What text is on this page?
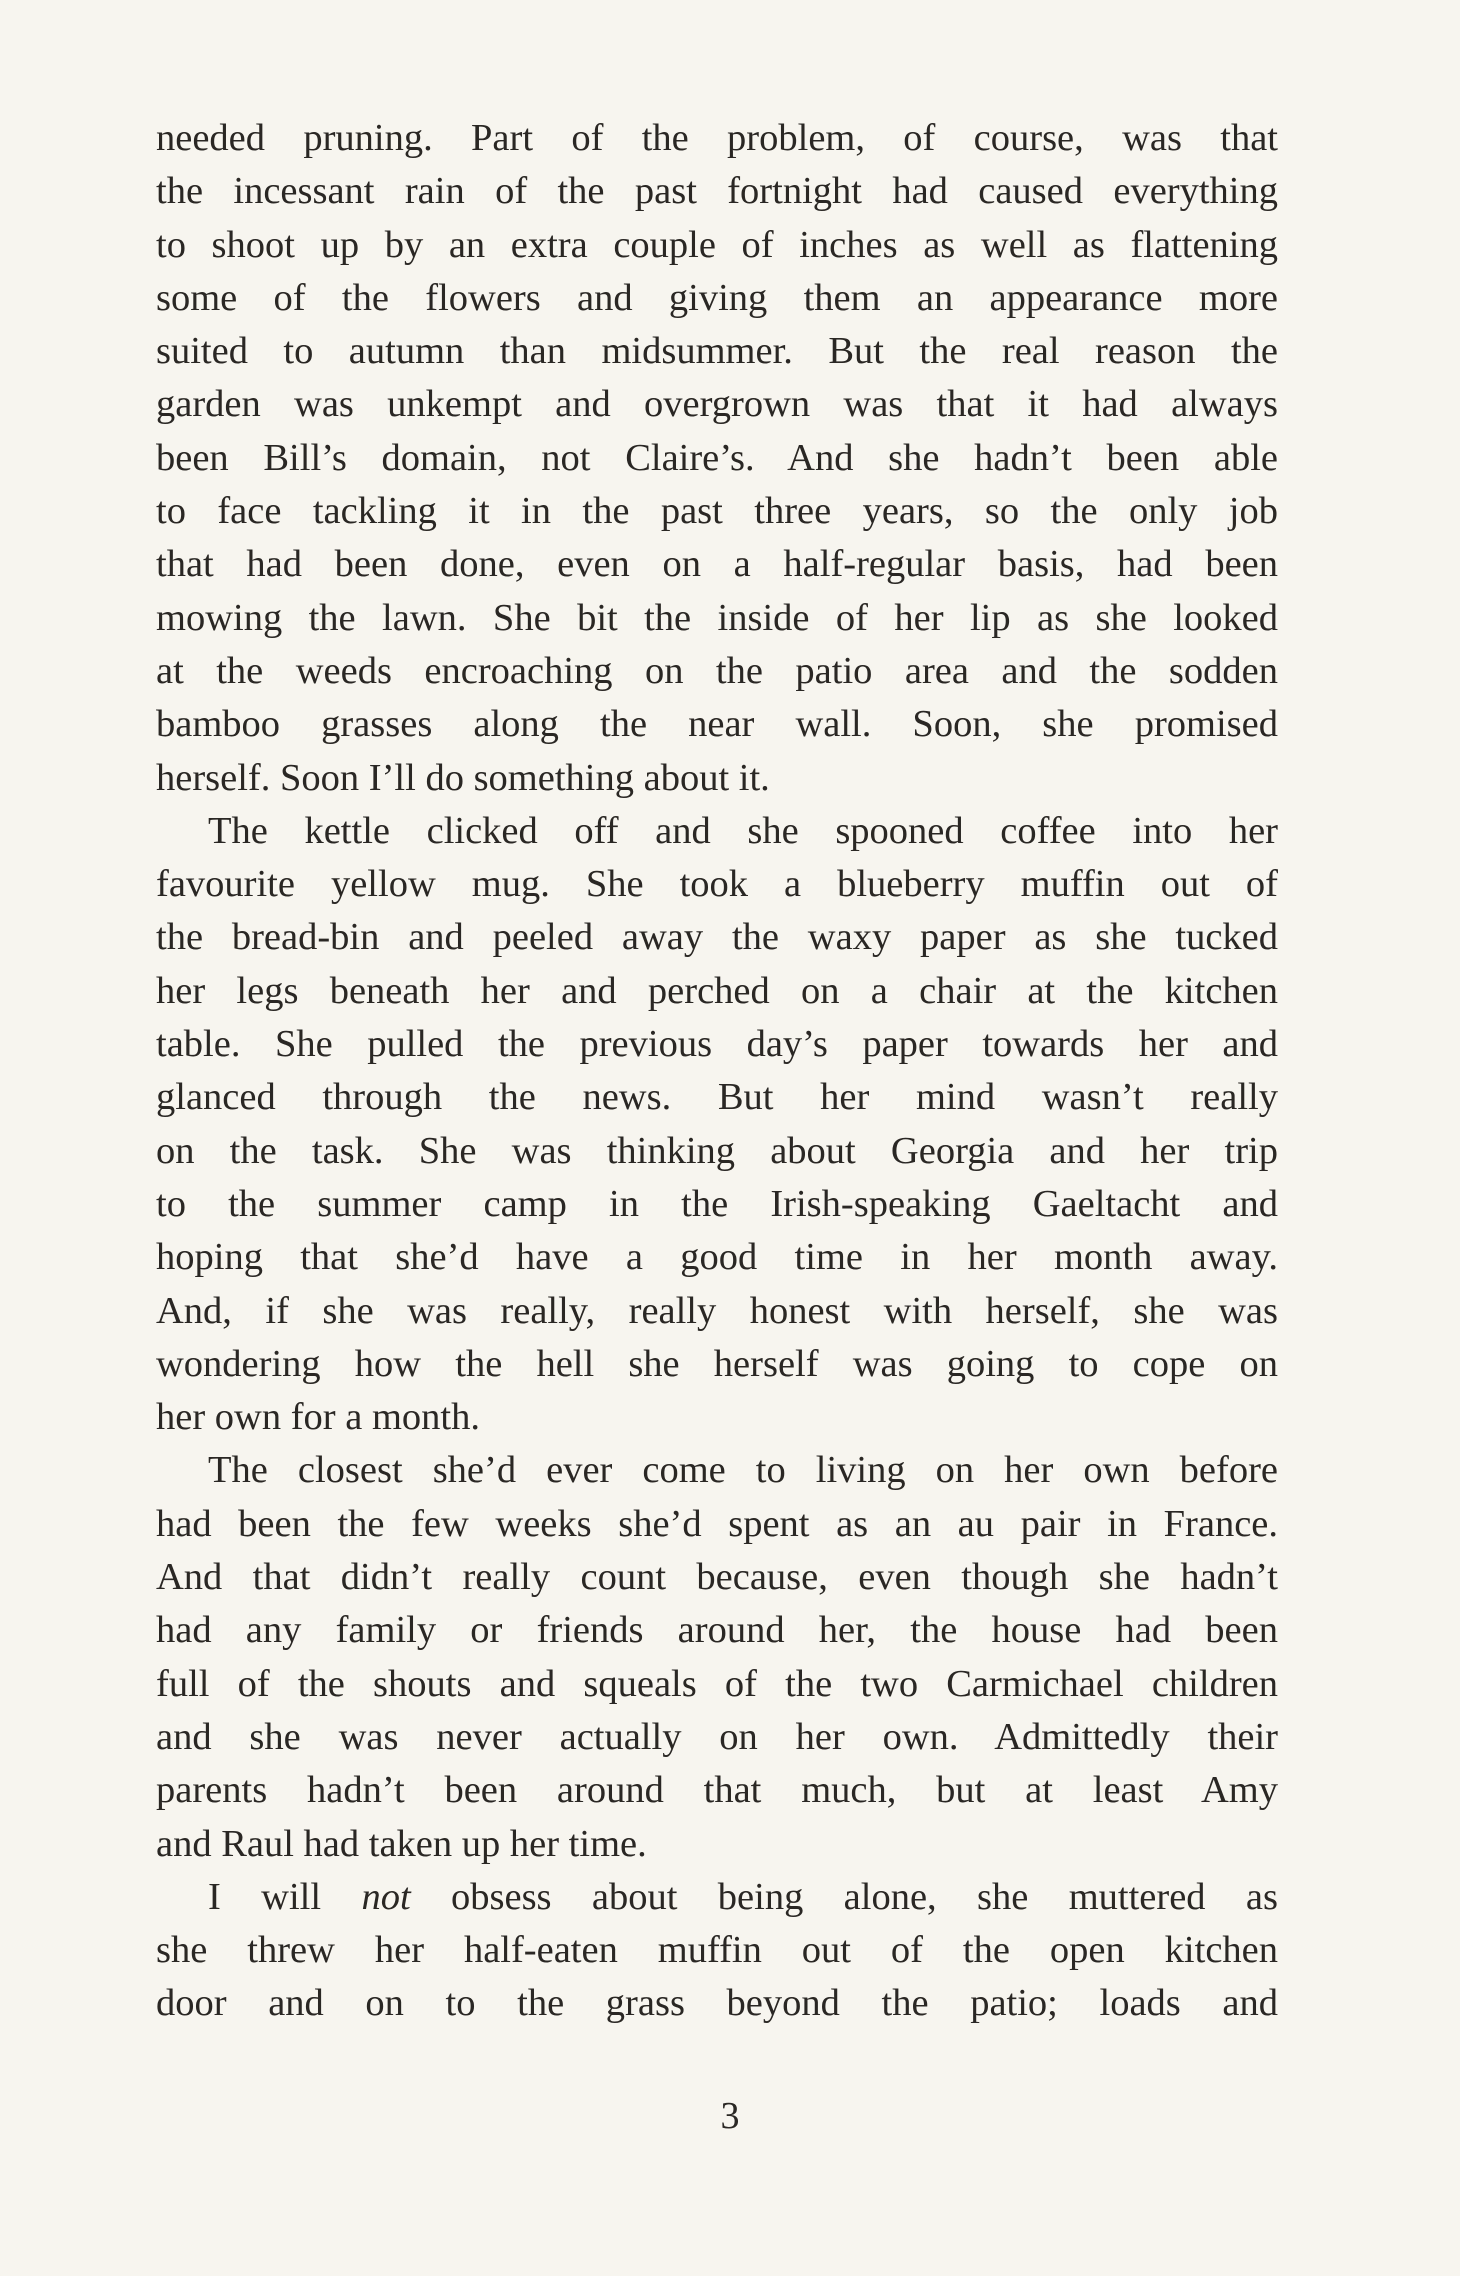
needed pruning. Part of the problem, of course, was that
the incessant rain of the past fortnight had caused everything
to shoot up by an extra couple of inches as well as flattening
some of the flowers and giving them an appearance more
suited to autumn than midsummer. But the real reason the
garden was unkempt and overgrown was that it had always
been Bill’s domain, not Claire’s. And she hadn’t been able
to face tackling it in the past three years, so the only job
that had been done, even on a half-regular basis, had been
mowing the lawn. She bit the inside of her lip as she looked
at the weeds encroaching on the patio area and the sodden
bamboo grasses along the near wall. Soon, she promised
herself. Soon I’ll do something about it.
The kettle clicked off and she spooned coffee into her
favourite yellow mug. She took a blueberry muffin out of
the bread-bin and peeled away the waxy paper as she tucked
her legs beneath her and perched on a chair at the kitchen
table. She pulled the previous day’s paper towards her and
glanced through the news. But her mind wasn’t really
on the task. She was thinking about Georgia and her trip
to the summer camp in the Irish-speaking Gaeltacht and
hoping that she’d have a good time in her month away.
And, if she was really, really honest with herself, she was
wondering how the hell she herself was going to cope on
her own for a month.
The closest she’d ever come to living on her own before
had been the few weeks she’d spent as an au pair in France.
And that didn’t really count because, even though she hadn’t
had any family or friends around her, the house had been
full of the shouts and squeals of the two Carmichael children
and she was never actually on her own. Admittedly their
parents hadn’t been around that much, but at least Amy
and Raul had taken up her time.
I will not obsess about being alone, she muttered as
she threw her half-eaten muffin out of the open kitchen
door and on to the grass beyond the patio; loads and
3
